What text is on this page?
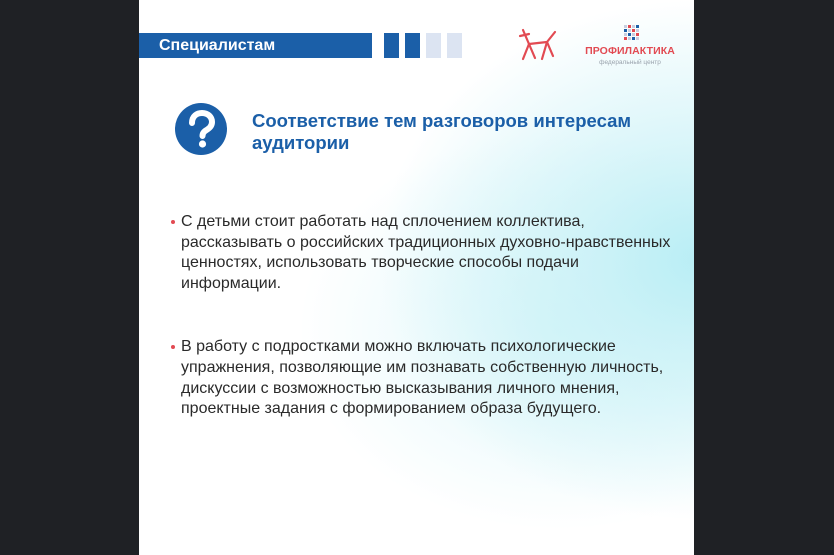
Специалистам	ПРОФИЛАКТИКА
федеральный центр
Соответствие тем разговоров интересам аудитории
С детьми стоит работать над сплочением коллектива, рассказывать о российских традиционных духовно-нравственных ценностях, использовать творческие способы подачи информации.
В работу с подростками можно включать психологические упражнения, позволяющие им познавать собственную личность, дискуссии с возможностью высказывания личного мнения, проектные задания с формированием образа будущего.
